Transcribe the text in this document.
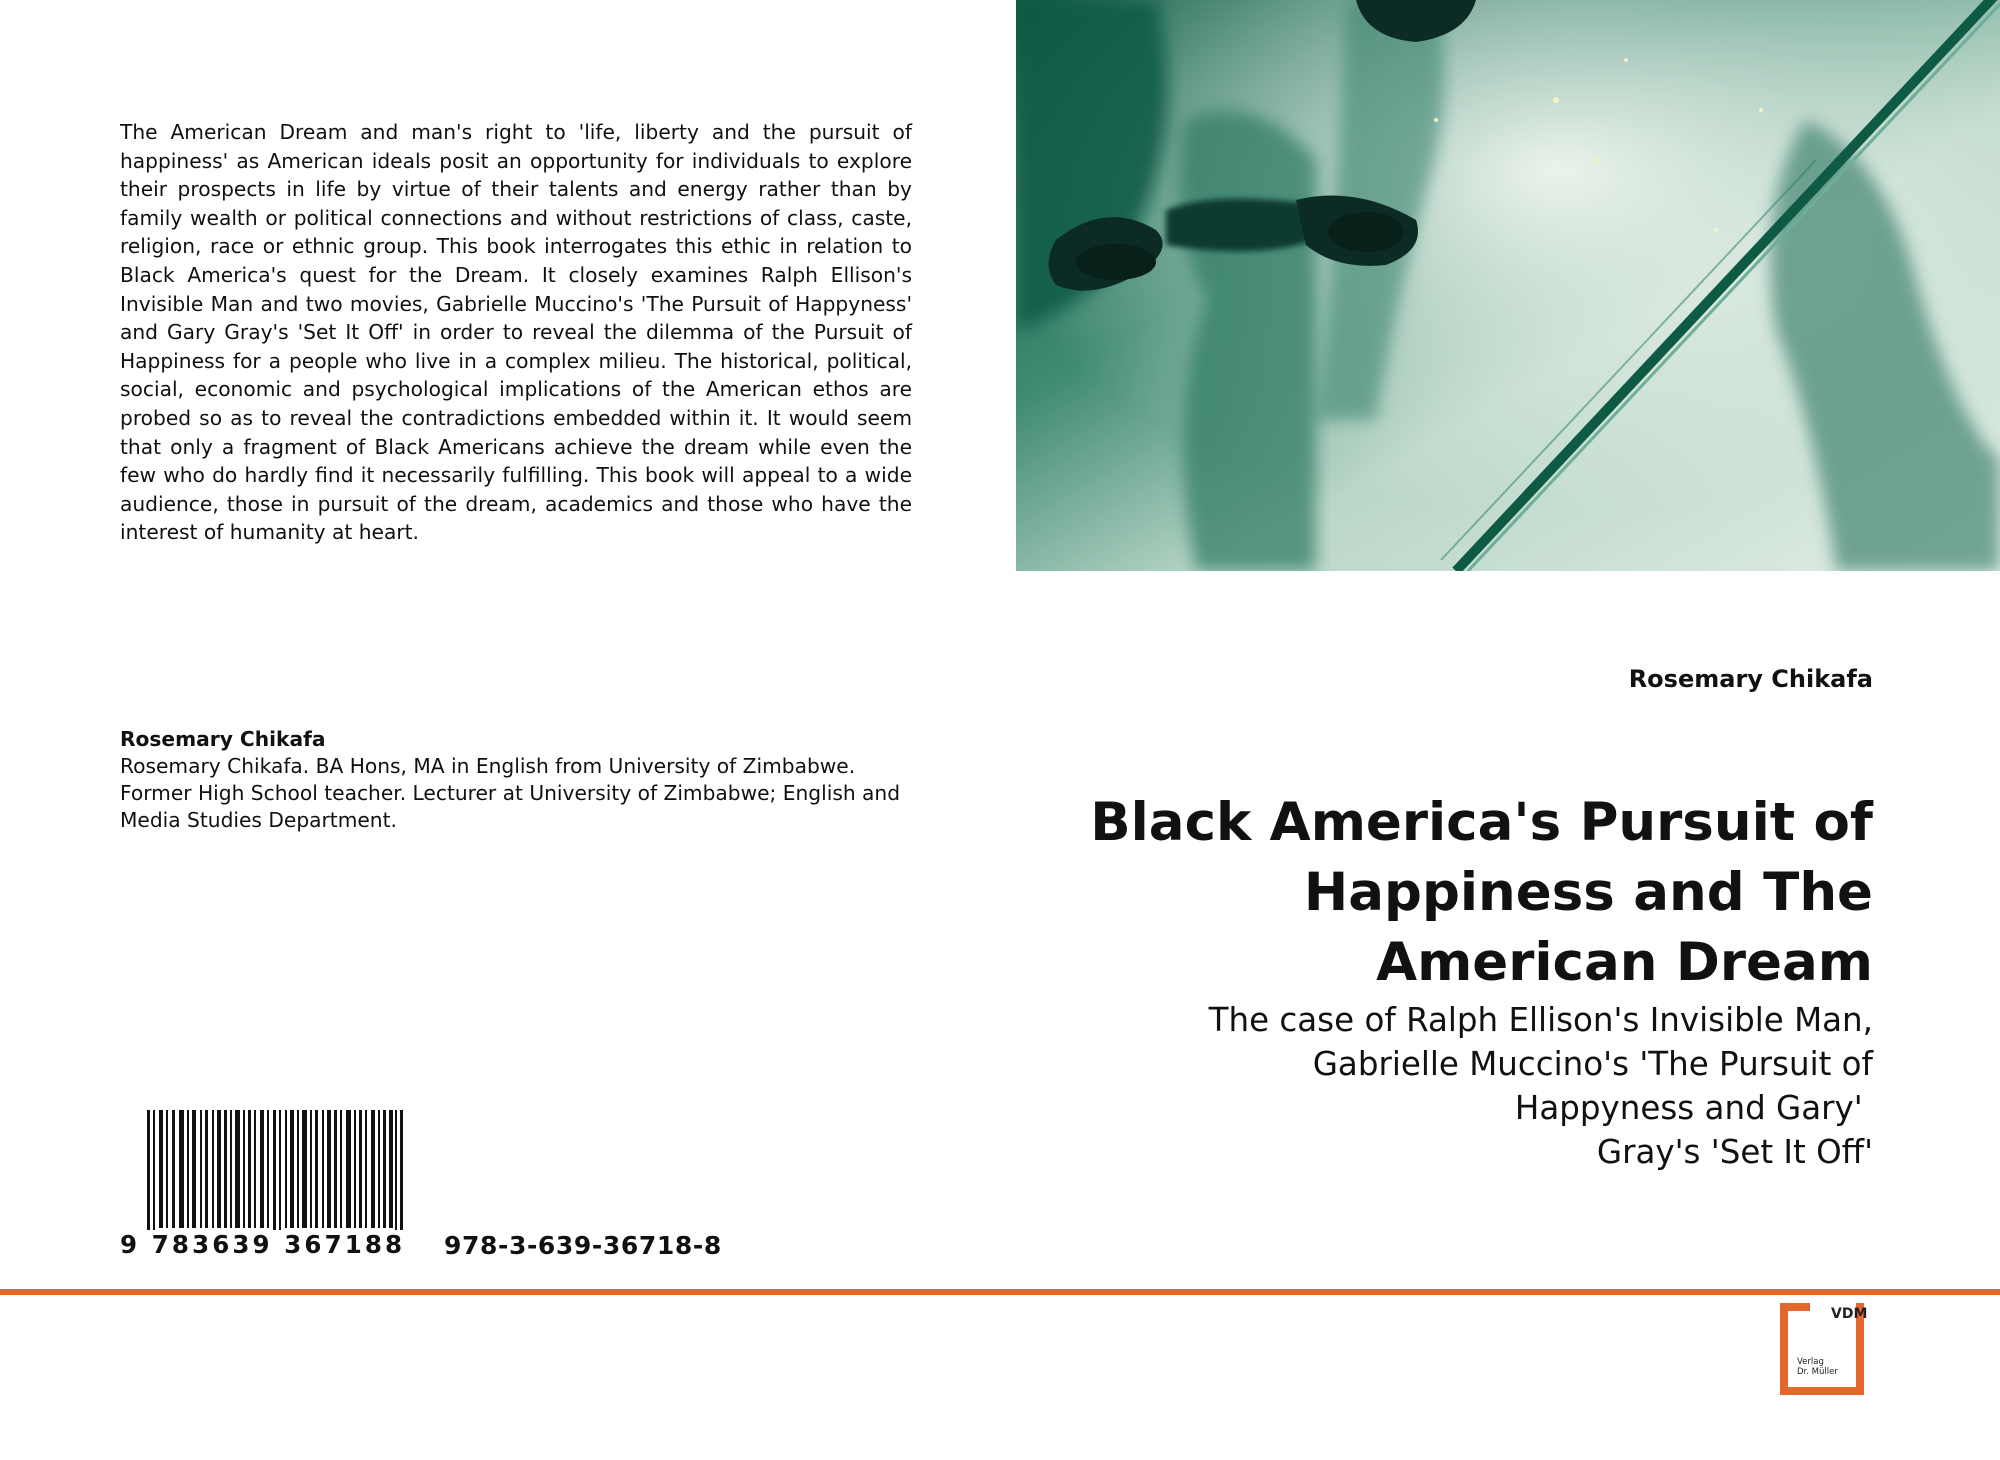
The American Dream and man's right to 'life, liberty and the pursuit of happiness' as American ideals posit an opportunity for individuals to explore their prospects in life by virtue of their talents and energy rather than by family wealth or political connections and without restrictions of class, caste, religion, race or ethnic group. This book interrogates this ethic in relation to Black America's quest for the Dream. It closely examines Ralph Ellison's Invisible Man and two movies, Gabrielle Muccino's 'The Pursuit of Happyness' and Gary Gray's 'Set It Off' in order to reveal the dilemma of the Pursuit of Happiness for a people who live in a complex milieu. The historical, political, social, economic and psychological implications of the American ethos are probed so as to reveal the contradictions embedded within it. It would seem that only a fragment of Black Americans achieve the dream while even the few who do hardly find it necessarily fulfilling. This book will appeal to a wide audience, those in pursuit of the dream, academics and those who have the interest of humanity at heart.

Rosemary Chikafa
Rosemary Chikafa. BA Hons, MA in English from University of Zimbabwe.
Former High School teacher. Lecturer at University of Zimbabwe; English and
Media Studies Department.
Rosemary Chikafa
Black America's Pursuit of
Happiness and The
American Dream
The case of Ralph Ellison's Invisible Man,
Gabrielle Muccino's 'The Pursuit of
Happyness and Gary'
Gray's 'Set It Off'
9 783639 367188	978-3-639-36718-8
VDM
Verlag
Dr. Müller
